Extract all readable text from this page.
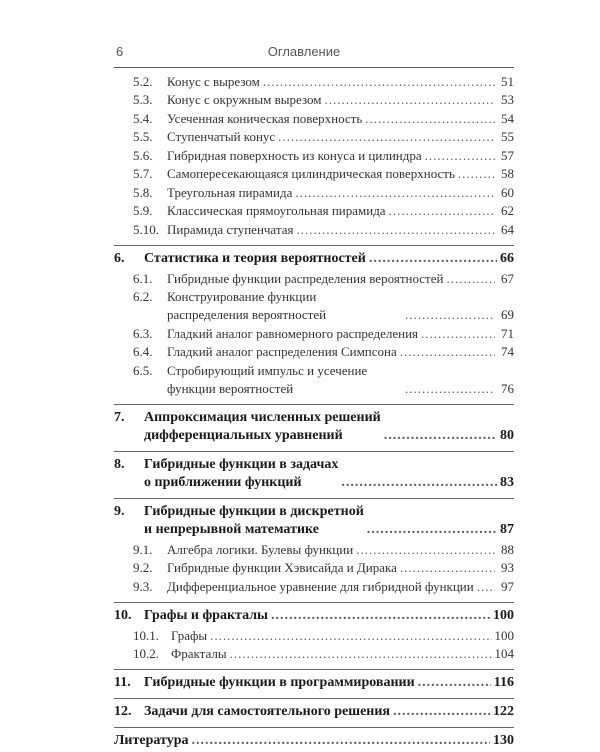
6	Оглавление
5.2.	Конус с вырезом .....	51
5.3.	Конус с окружным вырезом .....	53
5.4.	Усеченная коническая поверхность .....	54
5.5.	Ступенчатый конус .....	55
5.6.	Гибридная поверхность из конуса и цилиндра .....	57
5.7.	Самопересекающаяся цилиндрическая поверхность .....	58
5.8.	Треугольная пирамида .....	60
5.9.	Классическая прямоугольная пирамида .....	62
5.10. Пирамида ступенчатая .....	64
6.	Статистика и теория вероятностей .....	66
6.1.	Гибридные функции распределения вероятностей .....	67
6.2.	Конструирование функции
распределения вероятностей .....	69
6.3.	Гладкий аналог равномерного распределения .....	71
6.4.	Гладкий аналог распределения Симпсона .....	74
6.5.	Стробирующий импульс и усечение
функции вероятностей .....	76
7.	Аппроксимация численных решений
дифференциальных уравнений .....	80
8.	Гибридные функции в задачах
о приближении функций .....	83
9.	Гибридные функции в дискретной
и непрерывной математике .....	87
9.1.	Алгебра логики. Булевы функции .....	88
9.2.	Гибридные функции Хэвисайда и Дирака .....	93
9.3.	Дифференциальное уравнение для гибридной функции ..... 97
10. Графы и фракталы .....	100
10.1. Графы .....	100
10.2. Фракталы .....	104
11. Гибридные функции в программировании .....	116
12. Задачи для самостоятельного решения .....	122
Литература .....	130
